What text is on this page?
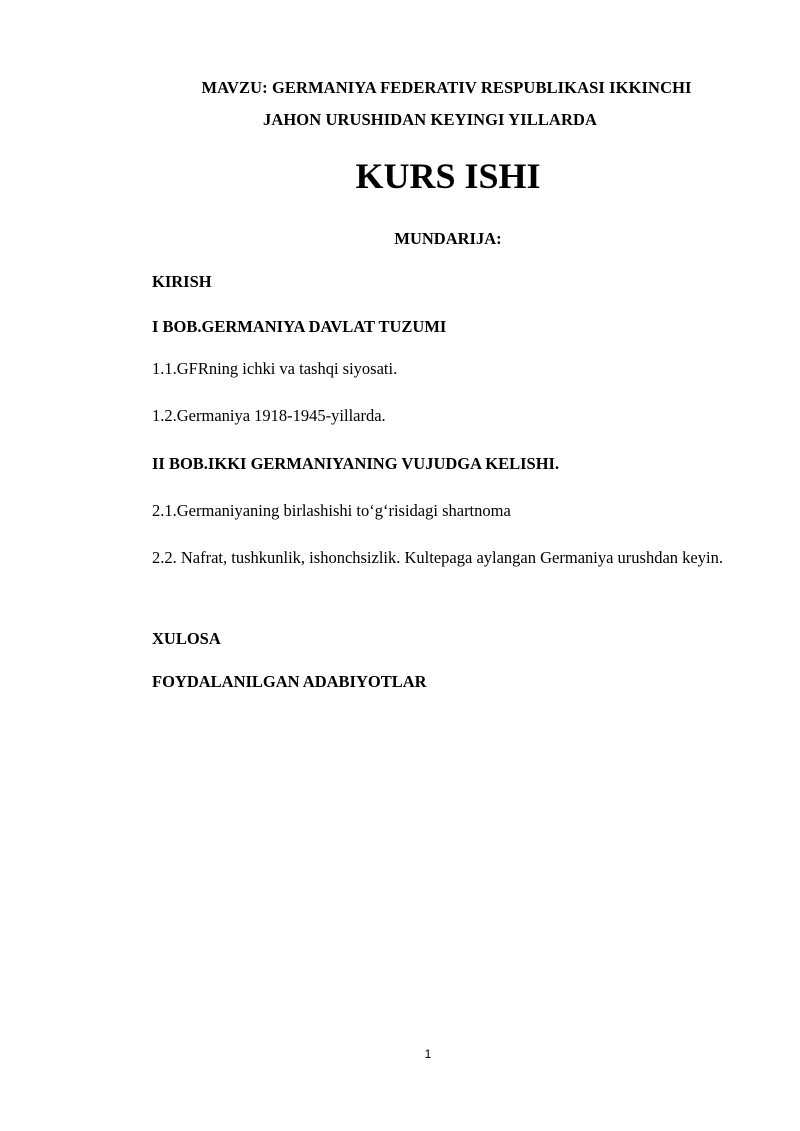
MAVZU: GERMANIYA FEDERATIV RESPUBLIKASI IKKINCHI
JAHON URUSHIDAN KEYINGI YILLARDA
KURS ISHI
MUNDARIJA:
KIRISH
I BOB.GERMANIYA DAVLAT TUZUMI
1.1.GFRning ichki va tashqi siyosati.
1.2.Germaniya 1918-1945-yillarda.
II BOB.IKKI GERMANIYANING VUJUDGA KELISHI.
2.1.Germaniyaning birlashishi to‘g‘risidagi shartnoma
2.2. Nafrat, tushkunlik, ishonchsizlik. Kultepaga aylangan Germaniya urushdan keyin.
XULOSA
FOYDALANILGAN ADABIYOTLAR
1
